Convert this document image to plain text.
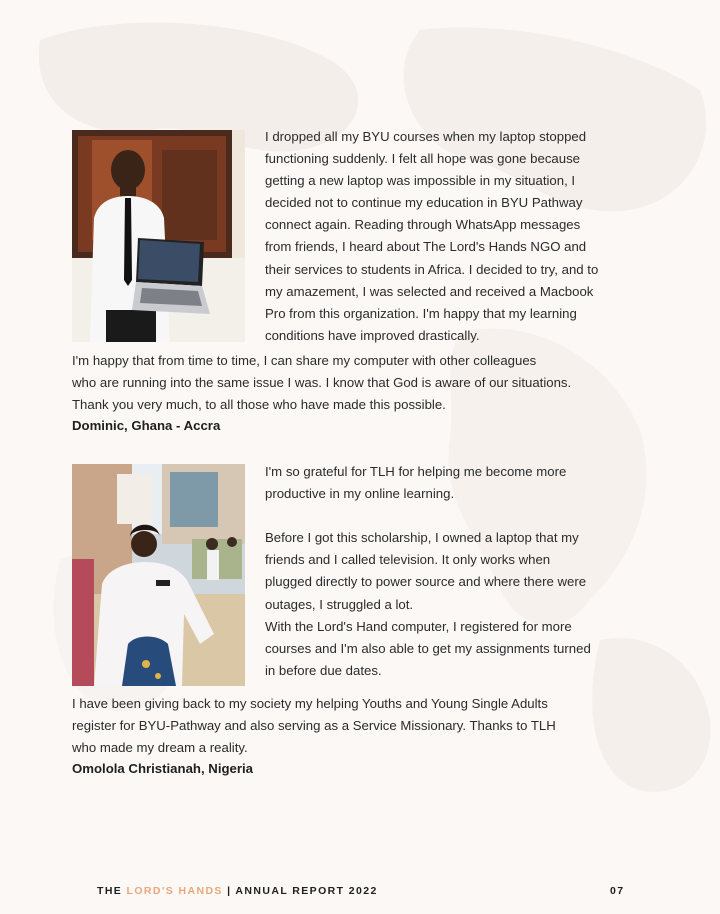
I dropped all my BYU courses when my laptop stopped
functioning suddenly. I felt all hope was gone because
getting a new laptop was impossible in my situation, I
decided not to continue my education in BYU Pathway
connect again. Reading through WhatsApp messages
from friends, I heard about The Lord's Hands NGO and
their services to students in Africa. I decided to try, and to
my amazement, I was selected and received a Macbook
Pro from this organization. I'm happy that my learning
conditions have improved drastically.
I'm happy that from time to time, I can share my computer with other colleagues
who are running into the same issue I was. I know that God is aware of our situations.
Thank you very much, to all those who have made this possible.
Dominic, Ghana - Accra
I'm so grateful for TLH for helping me become more
productive in my online learning.
Before I got this scholarship, I owned a laptop that my
friends and I called television. It only works when
plugged directly to power source and where there were
outages, I struggled a lot.
With the Lord's Hand computer, I registered for more
courses and I'm also able to get my assignments turned
in before due dates.
I have been giving back to my society my helping Youths and Young Single Adults
register for BYU-Pathway and also serving as a Service Missionary. Thanks to TLH
who made my dream a reality.
Omolola Christianah, Nigeria
THE LORD'S HANDS | ANNUAL REPORT 2022	07
